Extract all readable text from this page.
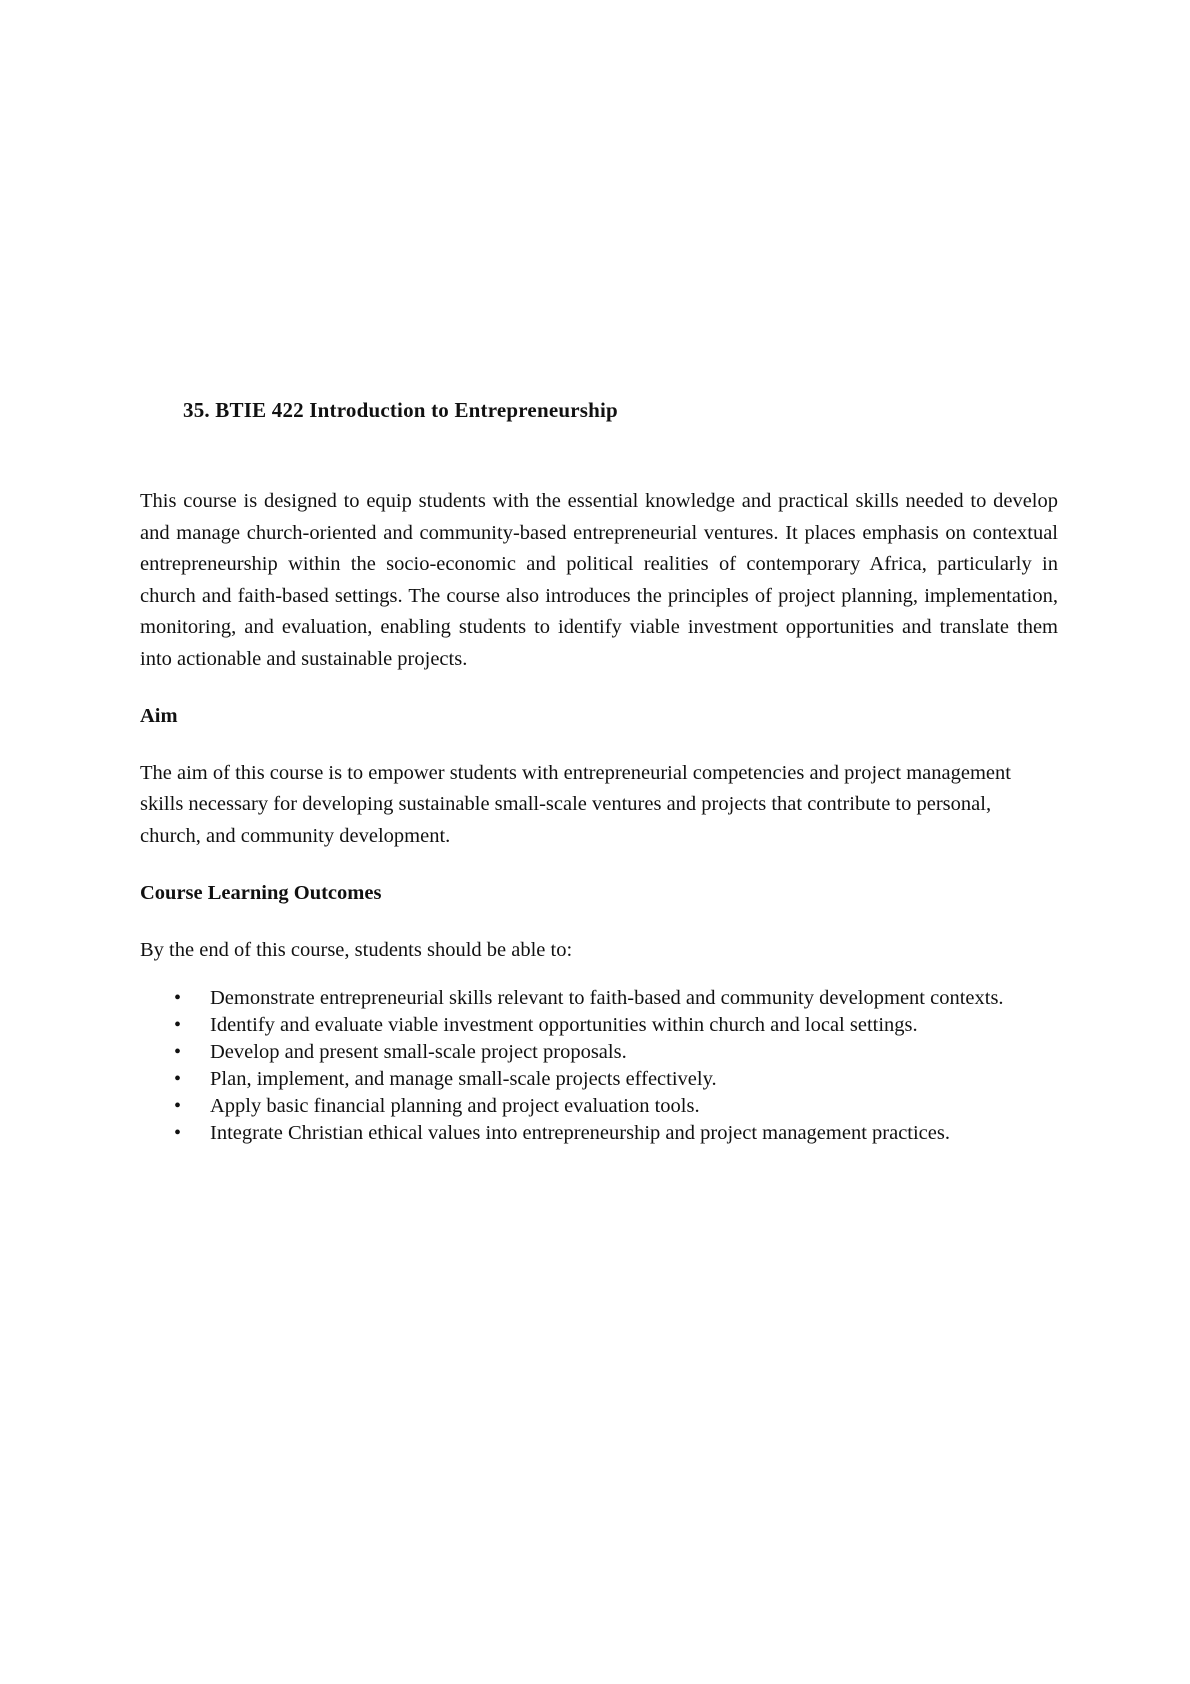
35. BTIE 422 Introduction to Entrepreneurship

This course is designed to equip students with the essential knowledge and practical skills needed to develop and manage church-oriented and community-based entrepreneurial ventures. It places emphasis on contextual entrepreneurship within the socio-economic and political realities of contemporary Africa, particularly in church and faith-based settings. The course also introduces the principles of project planning, implementation, monitoring, and evaluation, enabling students to identify viable investment opportunities and translate them into actionable and sustainable projects.

Aim

The aim of this course is to empower students with entrepreneurial competencies and project management skills necessary for developing sustainable small-scale ventures and projects that contribute to personal, church, and community development.

Course Learning Outcomes

By the end of this course, students should be able to:

• Demonstrate entrepreneurial skills relevant to faith-based and community development contexts.
• Identify and evaluate viable investment opportunities within church and local settings.
• Develop and present small-scale project proposals.
• Plan, implement, and manage small-scale projects effectively.
• Apply basic financial planning and project evaluation tools.
• Integrate Christian ethical values into entrepreneurship and project management practices.
